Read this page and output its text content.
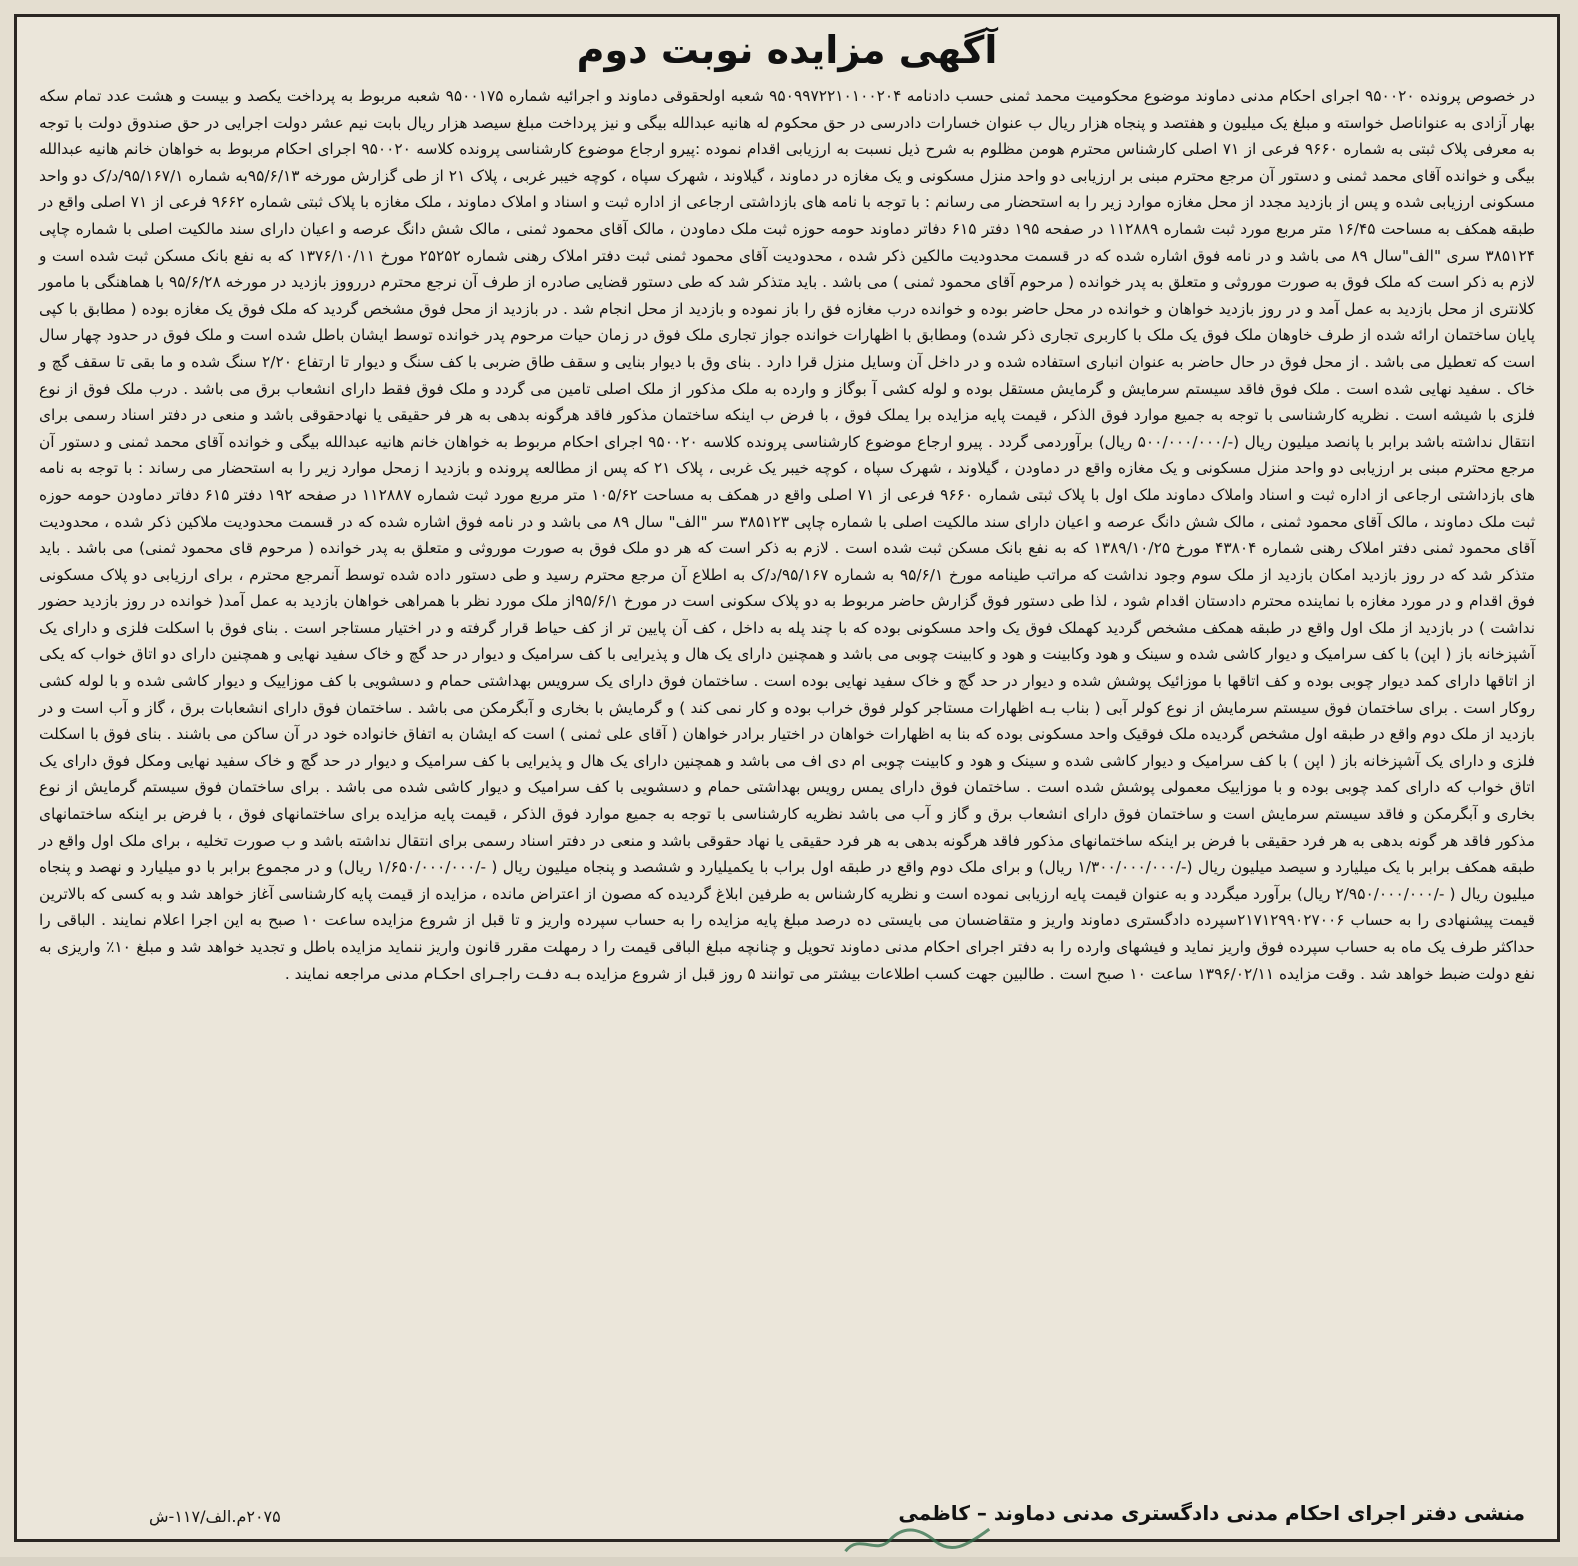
آگهی مزایده نوبت دوم

در خصوص پرونده ۹۵۰۰۲۰ اجرای احکام مدنی دماوند موضوع محکومیت محمد ثمنی حسب دادنامه ۹۵۰۹۹۷۲۲۱۰۱۰۰۲۰۴ شعبه اولحقوقی دماوند و اجرائیه شماره ۹۵۰۰۱۷۵ شعبه مربوط به پرداخت یکصد و بیست و هشت عدد تمام سکه بهار آزادی به عنواناصل خواسته و مبلغ یک میلیون و هفتصد و پنجاه هزار ریال ب عنوان خسارات دادرسی در حق محکوم له هانیه عبدالله بیگی و نیز پرداخت مبلغ سیصد هزار ریال بابت نیم عشر دولت اجرایی در حق صندوق دولت با توجه به معرفی پلاک ثبتی به شماره ۹۶۶۰ فرعی از ۷۱ اصلی کارشناس محترم هومن مظلوم به شرح ذیل نسبت به ارزیابی اقدام نموده :پیرو ارجاع موضوع کارشناسی پرونده کلاسه ۹۵۰۰۲۰ اجرای احکام مربوط به خواهان خانم هانیه عبدالله بیگی و خوانده آقای محمد ثمنی و دستور آن مرجع محترم مبنی بر ارزیابی دو واحد منزل مسکونی و یک مغازه در دماوند ، گیلاوند ، شهرک سپاه ، کوچه خیبر غربی ، پلاک ۲۱ از طی گزارش مورخه ۹۵/۶/۱۳به شماره ۹۵/۱۶۷/۱/د/ک دو واحد مسکونی ارزیابی شده و پس از بازدید مجدد از محل مغازه موارد زیر را به استحضار می رسانم : با توجه با نامه های بازداشتی ارجاعی از اداره ثبت و اسناد و املاک دماوند ، ملک مغازه با پلاک ثبتی شماره ۹۶۶۲ فرعی از ۷۱ اصلی واقع در طبقه همکف به مساحت ۱۶/۴۵ متر مربع مورد ثبت شماره ۱۱۲۸۸۹ در صفحه ۱۹۵ دفتر ۶۱۵ دفاتر دماوند حومه حوزه ثبت ملک دماودن ، مالک آقای محمود ثمنی ، مالک شش دانگ عرصه و اعیان دارای سند مالکیت اصلی با شماره چاپی ۳۸۵۱۲۴ سری "الف"سال ۸۹ می باشد و در نامه فوق اشاره شده که در قسمت محدودیت مالکین ذکر شده ، محدودیت آقای محمود ثمنی ثبت دفتر املاک رهنی شماره ۲۵۲۵۲ مورخ ۱۳۷۶/۱۰/۱۱ که به نفع بانک مسکن ثبت شده است و لازم به ذکر است که ملک فوق به صورت موروثی و متعلق به پدر خوانده ( مرحوم آقای محمود ثمنی ) می باشد . باید متذکر شد که طی دستور قضایی صادره از طرف آن نرجع محترم دررووز بازدید در مورخه ۹۵/۶/۲۸ با هماهنگی با مامور کلانتری از محل بازدید به عمل آمد و در روز بازدید خواهان و خوانده در محل حاضر بوده و خوانده درب مغازه فق را باز نموده و بازدید از محل انجام شد . در بازدید از محل فوق مشخص گردید که ملک فوق یک مغازه بوده ( مطابق با کپی پایان ساختمان ارائه شده از طرف خاوهان ملک فوق یک ملک با کاربری تجاری ذکر شده) ومطابق با اظهارات خوانده جواز تجاری ملک فوق در زمان حیات مرحوم پدر خوانده توسط ایشان باطل شده است و ملک فوق در حدود چهار سال است که تعطیل می باشد . از محل فوق در حال حاضر به عنوان انباری استفاده شده و در داخل آن وسایل منزل قرا دارد . بنای وق با دیوار بنایی و سقف طاق ضربی با کف سنگ و دیوار تا ارتفاع ۲/۲۰ سنگ شده و ما بقی تا سقف گچ و خاک . سفید نهایی شده است . ملک فوق فاقد سیستم سرمایش و گرمایش مستقل بوده و لوله کشی آ بوگاز و وارده به ملک مذکور از ملک اصلی تامین می گردد و ملک فوق فقط دارای انشعاب برق می باشد . درب ملک فوق از نوع فلزی با شیشه است . نظریه کارشناسی با توجه به جمیع موارد فوق الذکر ، قیمت پایه مزایده برا یملک فوق ، با فرض ب اینکه ساختمان مذکور فاقد هرگونه بدهی به هر فر حقیقی یا نهادحقوقی باشد و منعی در دفتر اسناد رسمی برای انتقال نداشته باشد برابر با پانصد میلیون ریال (-/۵۰۰/۰۰۰/۰۰۰ ریال) برآوردمی گردد . پیرو ارجاع موضوع کارشناسی پرونده کلاسه ۹۵۰۰۲۰ اجرای احکام مربوط به خواهان خانم هانیه عبدالله بیگی و خوانده آقای محمد ثمنی و دستور آن مرجع محترم مبنی بر ارزیابی دو واحد منزل مسکونی و یک مغازه واقع در دماودن ، گیلاوند ، شهرک سپاه ، کوچه خیبر یک غربی ، پلاک ۲۱ که پس از مطالعه پرونده و بازدید ا زمحل موارد زیر را به استحضار می رساند : با توجه به نامه های بازداشتی ارجاعی از اداره ثبت و اسناد واملاک دماوند ملک اول با پلاک ثبتی شماره ۹۶۶۰ فرعی از ۷۱ اصلی واقع در همکف به مساحت ۱۰۵/۶۲ متر مربع مورد ثبت شماره ۱۱۲۸۸۷ در صفحه ۱۹۲ دفتر ۶۱۵ دفاتر دماودن حومه حوزه ثبت ملک دماوند ، مالک آقای محمود ثمنی ، مالک شش دانگ عرصه و اعیان دارای سند مالکیت اصلی با شماره چاپی ۳۸۵۱۲۳ سر "الف" سال ۸۹ می باشد و در نامه فوق اشاره شده که در قسمت محدودیت ملاکین ذکر شده ، محدودیت آقای محمود ثمنی دفتر املاک رهنی شماره ۴۳۸۰۴ مورخ ۱۳۸۹/۱۰/۲۵ که به نفع بانک مسکن ثبت شده است . لازم به ذکر است که هر دو ملک فوق به صورت موروثی و متعلق به پدر خوانده ( مرحوم قای محمود ثمنی) می باشد . باید متذکر شد که در روز بازدید امکان بازدید از ملک سوم وجود نداشت که مراتب طینامه مورخ ۹۵/۶/۱ به شماره ۹۵/۱۶۷/د/ک به اطلاع آن مرجع محترم رسید و طی دستور داده شده توسط آنمرجع محترم ، برای ارزیابی دو پلاک مسکونی فوق اقدام و در مورد مغازه با نماینده محترم دادستان اقدام شود ، لذا طی دستور فوق گزارش حاضر مربوط به دو پلاک سکونی است در مورخ ۹۵/۶/۱از ملک مورد نظر با همراهی خواهان بازدید به عمل آمد( خوانده در روز بازدید حضور نداشت ) در بازدید از ملک اول واقع در طبقه همکف مشخص گردید کهملک فوق یک واحد مسکونی بوده که با چند پله به داخل ، کف آن پایین تر از کف حیاط قرار گرفته و در اختیار مستاجر است . بنای فوق با اسکلت فلزی و دارای یک آشپزخانه باز ( اپن) با کف سرامیک و دیوار کاشی شده و سینک و هود وکابینت و هود و کابینت چوبی می باشد و همچنین دارای یک هال و پذیرایی با کف سرامیک و دیوار در حد گچ و خاک سفید نهایی و همچنین دارای دو اتاق خواب که یکی از اتاقها دارای کمد دیوار چوبی بوده و کف اتاقها با موزائیک پوشش شده و دیوار در حد گچ و خاک سفید نهایی بوده است . ساختمان فوق دارای یک سرویس بهداشتی حمام و دسشویی با کف موزاییک و دیوار کاشی شده و با لوله کشی روکار است . برای ساختمان فوق سیستم سرمایش از نوع کولر آبی ( بناب بـه اظهارات مستاجر کولر فوق خراب بوده و کار نمی کند ) و گرمایش با بخاری و آبگرمکن می باشد . ساختمان فوق دارای انشعابات برق ، گاز و آب است و در بازدید از ملک دوم واقع در طبقه اول مشخص گردیده ملک فوقیک واحد مسکونی بوده که بنا به اظهارات خواهان در اختیار برادر خواهان ( آقای علی ثمنی ) است که ایشان به اتفاق خانواده خود در آن ساکن می باشند . بنای فوق با اسکلت فلزی و دارای یک آشپزخانه باز ( اپن ) با کف سرامیک و دیوار کاشی شده و سینک و هود و کابینت چوبی ام دی اف می باشد و همچنین دارای یک هال و پذیرایی با کف سرامیک و دیوار در حد گچ و خاک سفید نهایی ومکل فوق دارای یک اتاق خواب که دارای کمد چوبی بوده و با موزاییک معمولی پوشش شده است . ساختمان فوق دارای یمس رویس بهداشتی حمام و دسشویی با کف سرامیک و دیوار کاشی شده می باشد . برای ساختمان فوق سیستم گرمایش از نوع بخاری و آبگرمکن و فاقد سیستم سرمایش است و ساختمان فوق دارای انشعاب برق و گاز و آب می باشد نظریه کارشناسی با توجه به جمیع موارد فوق الذکر ، قیمت پایه مزایده برای ساختمانهای فوق ، با فرض بر اینکه ساختمانهای مذکور فاقد هر گونه بدهی به هر فرد حقیقی با فرض بر اینکه ساختمانهای مذکور فاقد هرگونه بدهی به هر فرد حقیقی یا نهاد حقوقی باشد و منعی در دفتر اسناد رسمی برای انتقال نداشته باشد و ب صورت تخلیه ، برای ملک اول واقع در طبقه همکف برابر با یک میلیارد و سیصد میلیون ریال (-/۱/۳۰۰/۰۰۰/۰۰۰ ریال) و برای ملک دوم واقع در طبقه اول براب با یکمیلیارد و ششصد و پنجاه میلیون ریال ( -/۱/۶۵۰/۰۰۰/۰۰۰ ریال) و در مجموع برابر با دو میلیارد و نهصد و پنجاه میلیون ریال ( -/۲/۹۵۰/۰۰۰/۰۰۰ ریال) برآورد میگردد و به عنوان قیمت پایه ارزیابی نموده است و نظریه کارشناس به طرفین ابلاغ گردیده که مصون از اعتراض مانده ، مزایده از قیمت پایه کارشناسی آغاز خواهد شد و به کسی که بالاترین قیمت پیشنهادی را به حساب ۲۱۷۱۲۹۹۰۲۷۰۰۶سپرده دادگستری دماوند واریز و متقاضسان می بایستی ده درصد مبلغ پایه مزایده را به حساب سپرده واریز و تا قبل از شروع مزایده ساعت ۱۰ صبح به این اجرا اعلام نمایند . الباقی را حداکثر طرف یک ماه به حساب سپرده فوق واریز نماید و فیشهای وارده را به دفتر اجرای احکام مدنی دماوند تحویل و چنانچه مبلغ الباقی قیمت را د رمهلت مقرر قانون واریز ننماید مزایده باطل و تجدید خواهد شد و مبلغ ۱۰٪ واریزی به نفع دولت ضبط خواهد شد . وقت مزایده ۱۳۹۶/۰۲/۱۱ ساعت ۱۰ صبح است . طالبین جهت کسب اطلاعات بیشتر می توانند ۵ روز قبل از شروع مزایده بـه دفـت راجـرای احکـام مدنی مراجعه نمایند .

منشی دفتر اجرای احکام مدنی دادگستری مدنی دماوند – کاظمی
۲۰۷۵م.الف/۱۱۷-ش
